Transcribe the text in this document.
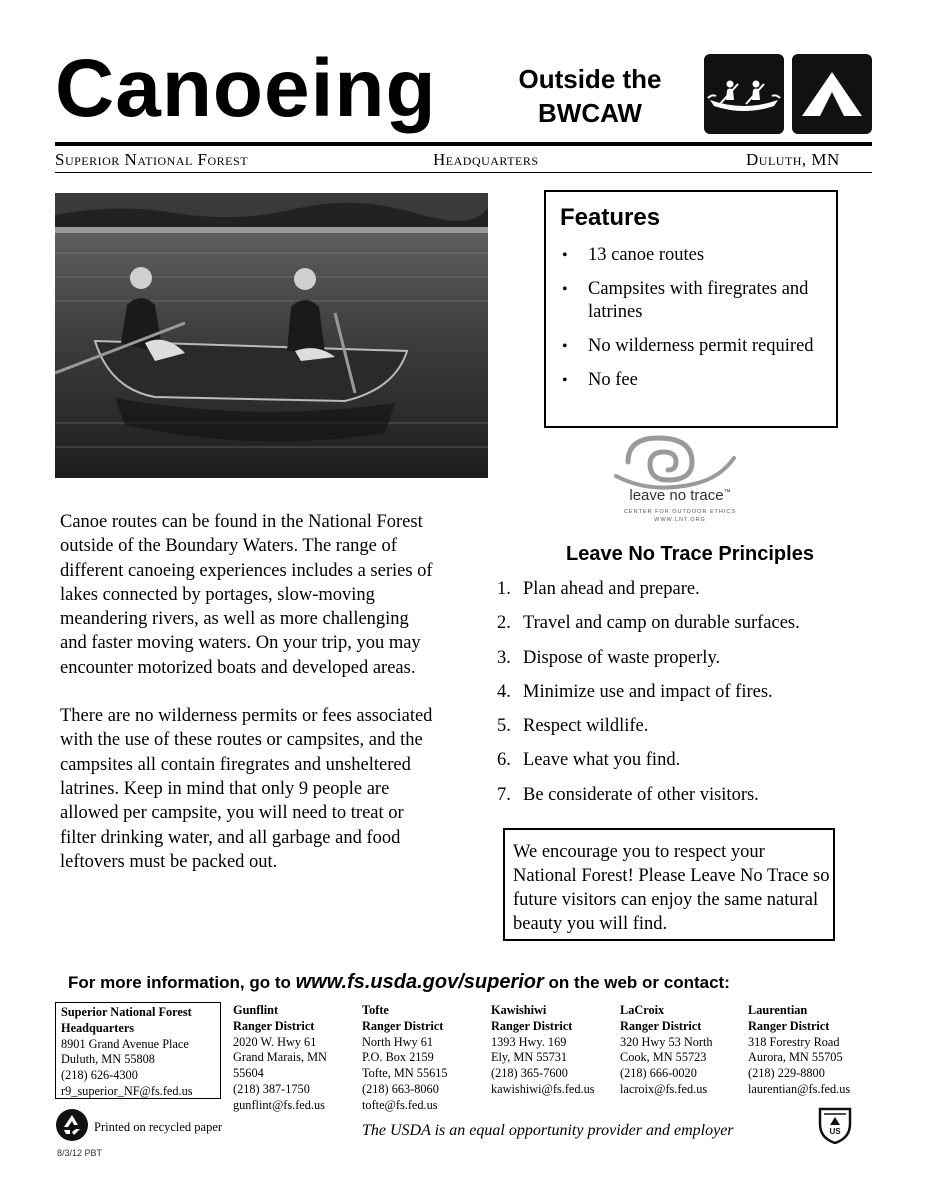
Canoeing	Outside the
BWCAW
Superior National Forest	Headquarters	Duluth, MN
Features
• 13 canoe routes
• Campsites with firegrates and latrines
• No wilderness permit required
• No fee
leave no trace™
CENTER FOR OUTDOOR ETHICS
WWW.LNT.ORG

Canoe routes can be found in the National Forest outside of the Boundary Waters. The range of different canoeing experiences includes a series of lakes connected by portages, slow-moving meandering rivers, as well as more challenging and faster moving waters. On your trip, you may encounter motorized boats and developed areas.

There are no wilderness permits or fees associated with the use of these routes or campsites, and the campsites all contain firegrates and unsheltered latrines. Keep in mind that only 9 people are allowed per campsite, you will need to treat or filter drinking water, and all garbage and food leftovers must be packed out.

Leave No Trace Principles
1. Plan ahead and prepare.
2. Travel and camp on durable surfaces.
3. Dispose of waste properly.
4. Minimize use and impact of fires.
5. Respect wildlife.
6. Leave what you find.
7. Be considerate of other visitors.
We encourage you to respect your National Forest! Please Leave No Trace so future visitors can enjoy the same natural beauty you will find.
For more information, go to www.fs.usda.gov/superior on the web or contact:
Superior National Forest
Headquarters
8901 Grand Avenue Place
Duluth, MN 55808
(218) 626-4300
r9_superior_NF@fs.fed.us
Gunflint
Ranger District
2020 W. Hwy 61
Grand Marais, MN
55604
(218) 387-1750
gunflint@fs.fed.us
Tofte
Ranger District
North Hwy 61
P.O. Box 2159
Tofte, MN 55615
(218) 663-8060
tofte@fs.fed.us
Kawishiwi
Ranger District
1393 Hwy. 169
Ely, MN 55731
(218) 365-7600
kawishiwi@fs.fed.us
LaCroix
Ranger District
320 Hwy 53 North
Cook, MN 55723
(218) 666-0020
lacroix@fs.fed.us
Laurentian
Ranger District
318 Forestry Road
Aurora, MN 55705
(218) 229-8800
laurentian@fs.fed.us
Printed on recycled paper	The USDA is an equal opportunity provider and employer	US
8/3/12 PBT
